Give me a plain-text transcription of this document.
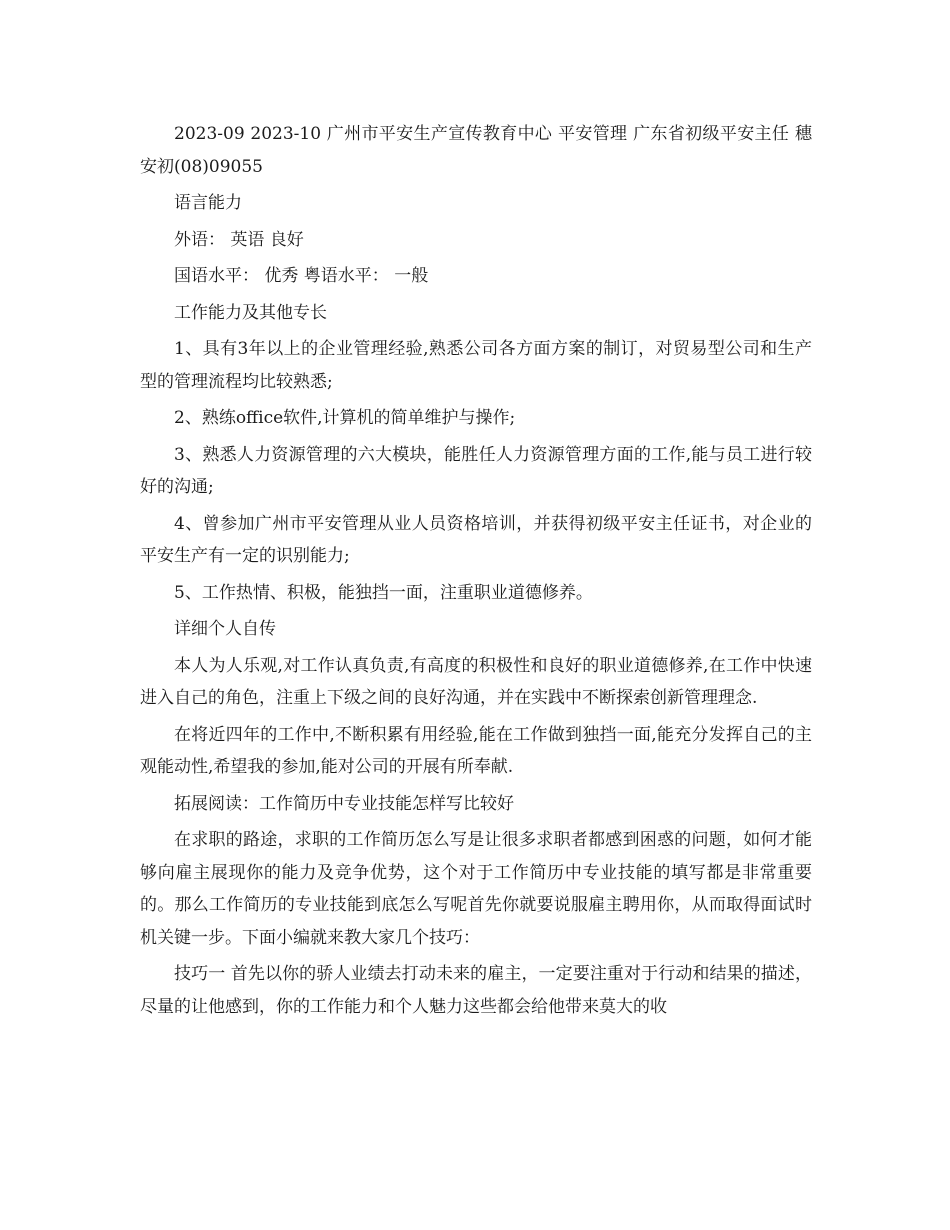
2023-09 2023-10 广州市平安生产宣传教育中心 平安管理 广东省初级平安主任 穗安初(08)09055

语言能力

外语： 英语 良好

国语水平： 优秀 粤语水平： 一般

工作能力及其他专长

1、具有3年以上的企业管理经验,熟悉公司各方面方案的制订，对贸易型公司和生产型的管理流程均比较熟悉;

2、熟练office软件,计算机的简单维护与操作;

3、熟悉人力资源管理的六大模块，能胜任人力资源管理方面的工作,能与员工进行较好的沟通;

4、曾参加广州市平安管理从业人员资格培训，并获得初级平安主任证书，对企业的平安生产有一定的识别能力;

5、工作热情、积极，能独挡一面，注重职业道德修养。

详细个人自传

本人为人乐观,对工作认真负责,有高度的积极性和良好的职业道德修养,在工作中快速进入自己的角色，注重上下级之间的良好沟通，并在实践中不断探索创新管理理念.

在将近四年的工作中,不断积累有用经验,能在工作做到独挡一面,能充分发挥自己的主观能动性,希望我的参加,能对公司的开展有所奉献.

拓展阅读：工作简历中专业技能怎样写比较好

在求职的路途，求职的工作简历怎么写是让很多求职者都感到困惑的问题，如何才能够向雇主展现你的能力及竞争优势，这个对于工作简历中专业技能的填写都是非常重要的。那么工作简历的专业技能到底怎么写呢首先你就要说服雇主聘用你，从而取得面试时机关键一步。下面小编就来教大家几个技巧：

技巧一 首先以你的骄人业绩去打动未来的雇主，一定要注重对于行动和结果的描述，尽量的让他感到，你的工作能力和个人魅力这些都会给他带来莫大的收
